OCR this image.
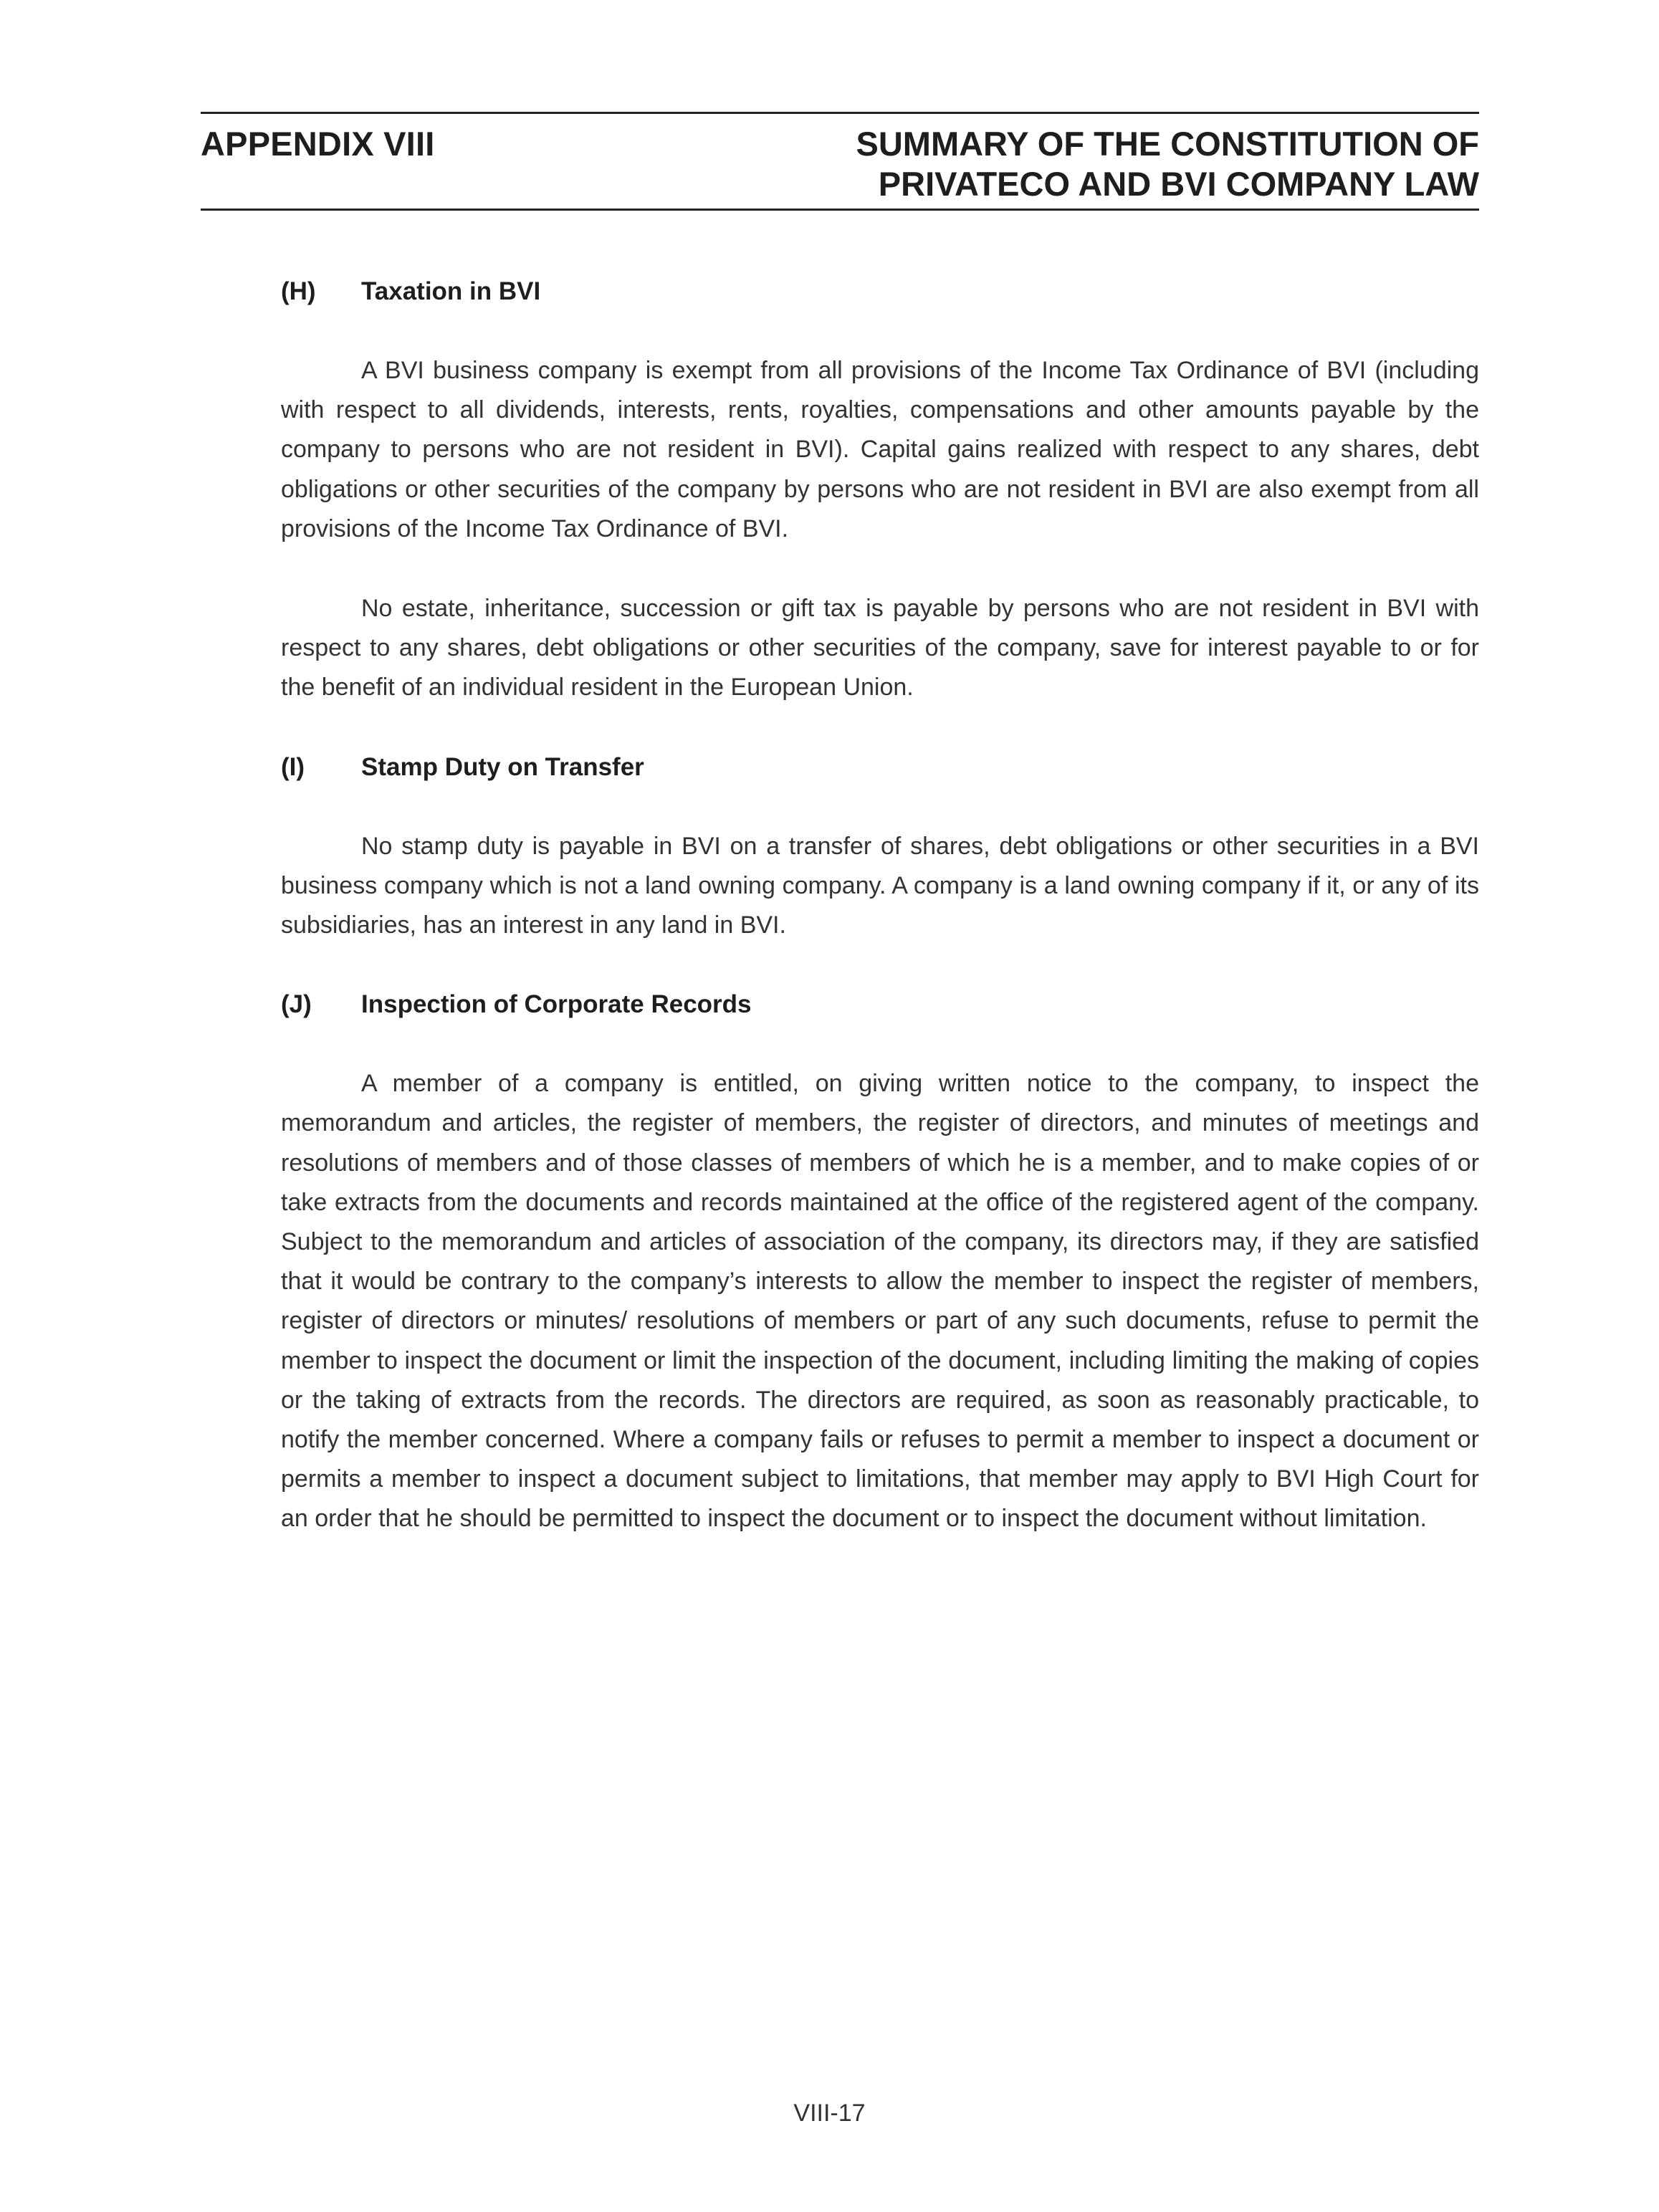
APPENDIX VIII	SUMMARY OF THE CONSTITUTION OF
PRIVATECO AND BVI COMPANY LAW
(H)	Taxation in BVI

A BVI business company is exempt from all provisions of the Income Tax Ordinance of BVI (including with respect to all dividends, interests, rents, royalties, compensations and other amounts payable by the company to persons who are not resident in BVI). Capital gains realized with respect to any shares, debt obligations or other securities of the company by persons who are not resident in BVI are also exempt from all provisions of the Income Tax Ordinance of BVI.

No estate, inheritance, succession or gift tax is payable by persons who are not resident in BVI with respect to any shares, debt obligations or other securities of the company, save for interest payable to or for the benefit of an individual resident in the European Union.

(I)	Stamp Duty on Transfer

No stamp duty is payable in BVI on a transfer of shares, debt obligations or other securities in a BVI business company which is not a land owning company. A company is a land owning company if it, or any of its subsidiaries, has an interest in any land in BVI.

(J)	Inspection of Corporate Records

A member of a company is entitled, on giving written notice to the company, to inspect the memorandum and articles, the register of members, the register of directors, and minutes of meetings and resolutions of members and of those classes of members of which he is a member, and to make copies of or take extracts from the documents and records maintained at the office of the registered agent of the company. Subject to the memorandum and articles of association of the company, its directors may, if they are satisfied that it would be contrary to the company’s interests to allow the member to inspect the register of members, register of directors or minutes/ resolutions of members or part of any such documents, refuse to permit the member to inspect the document or limit the inspection of the document, including limiting the making of copies or the taking of extracts from the records. The directors are required, as soon as reasonably practicable, to notify the member concerned. Where a company fails or refuses to permit a member to inspect a document or permits a member to inspect a document subject to limitations, that member may apply to BVI High Court for an order that he should be permitted to inspect the document or to inspect the document without limitation.

VIII-17
